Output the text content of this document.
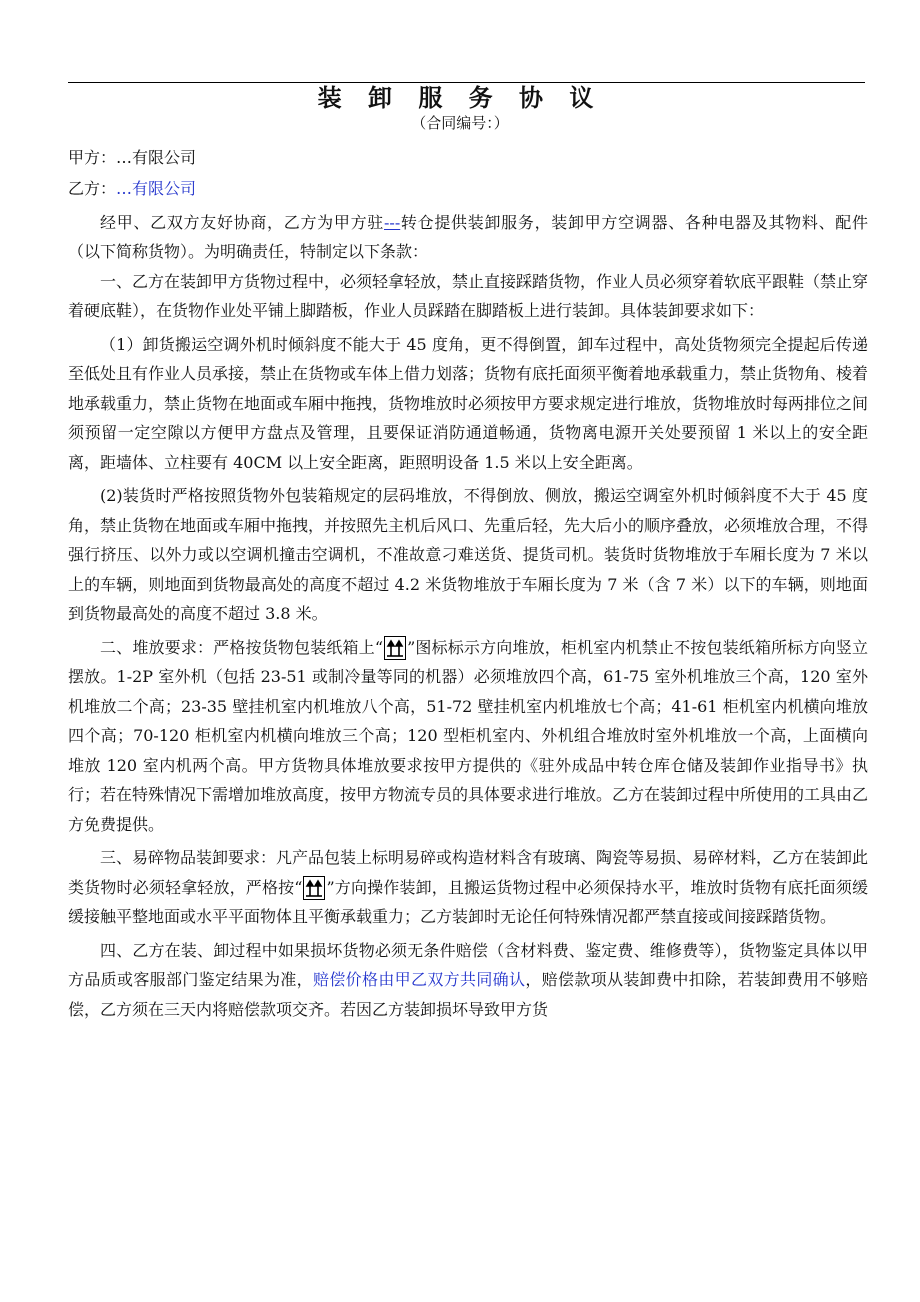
装 卸 服 务 协 议
（合同编号：）

甲方：…有限公司

乙方：…有限公司

经甲、乙双方友好协商，乙方为甲方驻---转仓提供装卸服务，装卸甲方空调器、各种电器及其物料、配件（以下简称货物）。为明确责任，特制定以下条款：

一、乙方在装卸甲方货物过程中，必须轻拿轻放，禁止直接踩踏货物，作业人员必须穿着软底平跟鞋（禁止穿着硬底鞋），在货物作业处平铺上脚踏板，作业人员踩踏在脚踏板上进行装卸。具体装卸要求如下：

（1）卸货搬运空调外机时倾斜度不能大于 45 度角，更不得倒置，卸车过程中，高处货物须完全提起后传递至低处且有作业人员承接，禁止在货物或车体上借力划落；货物有底托面须平衡着地承载重力，禁止货物角、棱着地承载重力，禁止货物在地面或车厢中拖拽，货物堆放时必须按甲方要求规定进行堆放，货物堆放时每两排位之间须预留一定空隙以方便甲方盘点及管理，且要保证消防通道畅通，货物离电源开关处要预留 1 米以上的安全距离，距墙体、立柱要有 40CM 以上安全距离，距照明设备 1.5 米以上安全距离。

(2)装货时严格按照货物外包装箱规定的层码堆放，不得倒放、侧放，搬运空调室外机时倾斜度不大于 45 度角，禁止货物在地面或车厢中拖拽，并按照先主机后风口、先重后轻，先大后小的顺序叠放，必须堆放合理，不得强行挤压、以外力或以空调机撞击空调机，不准故意刁难送货、提货司机。装货时货物堆放于车厢长度为 7 米以上的车辆，则地面到货物最高处的高度不超过 4.2 米货物堆放于车厢长度为 7 米（含 7 米）以下的车辆，则地面到货物最高处的高度不超过 3.8 米。

二、堆放要求：严格按货物包装纸箱上“ ”图标标示方向堆放，柜机室内机禁止不按包装纸箱所标方向竖立摆放。1-2P 室外机（包括 23-51 或制冷量等同的机器）必须堆放四个高，61-75 室外机堆放三个高，120 室外机堆放二个高；23-35 壁挂机室内机堆放八个高，51-72 壁挂机室内机堆放七个高；41-61 柜机室内机横向堆放四个高；70-120 柜机室内机横向堆放三个高；120 型柜机室内、外机组合堆放时室外机堆放一个高，上面横向堆放 120 室内机两个高。甲方货物具体堆放要求按甲方提供的《驻外成品中转仓库仓储及装卸作业指导书》执行；若在特殊情况下需增加堆放高度，按甲方物流专员的具体要求进行堆放。乙方在装卸过程中所使用的工具由乙方免费提供。

三、易碎物品装卸要求：凡产品包装上标明易碎或构造材料含有玻璃、陶瓷等易损、易碎材料，乙方在装卸此类货物时必须轻拿轻放，严格按“ ”方向操作装卸，且搬运货物过程中必须保持水平，堆放时货物有底托面须缓缓接触平整地面或水平平面物体且平衡承载重力；乙方装卸时无论任何特殊情况都严禁直接或间接踩踏货物。

四、乙方在装、卸过程中如果损坏货物必须无条件赔偿（含材料费、鉴定费、维修费等），货物鉴定具体以甲方品质或客服部门鉴定结果为准，赔偿价格由甲乙双方共同确认，赔偿款项从装卸费中扣除，若装卸费用不够赔偿，乙方须在三天内将赔偿款项交齐。若因乙方装卸损坏导致甲方货
